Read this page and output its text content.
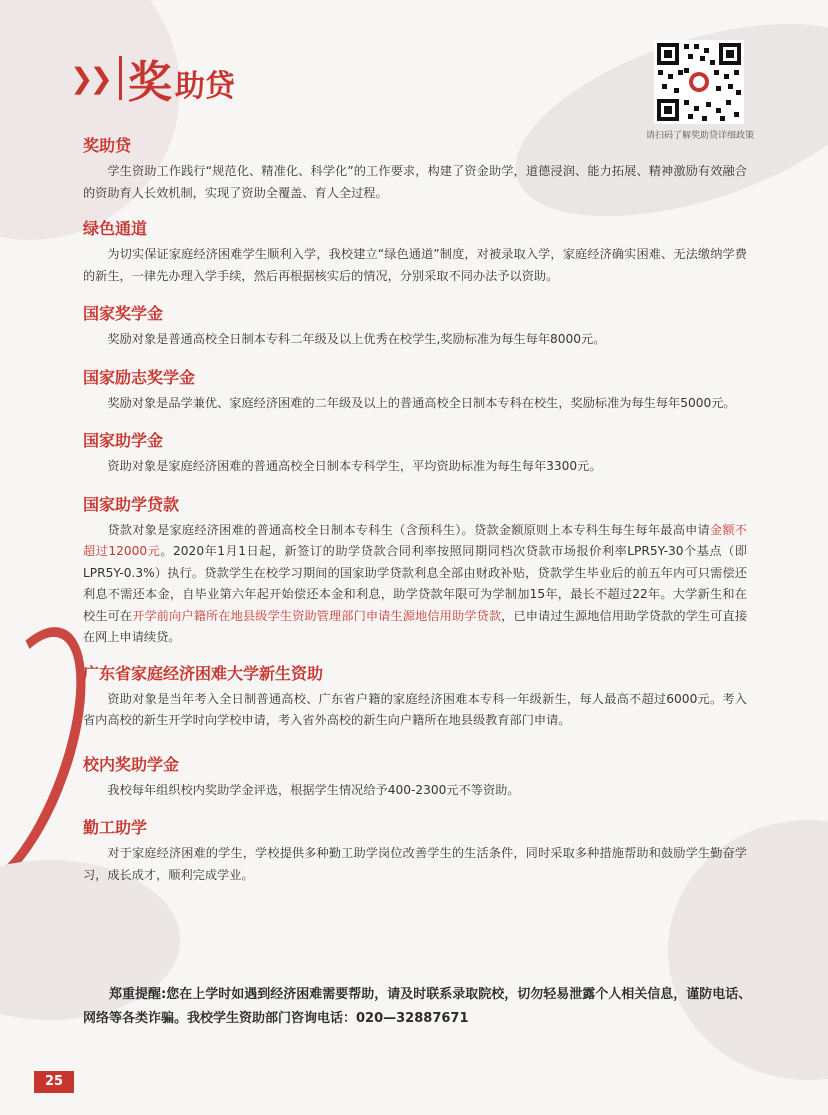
❯❯ 奖 助贷
请扫码了解奖助贷详细政策
奖助贷

学生资助工作践行“规范化、精准化、科学化”的工作要求，构建了资金助学，道德浸润、能力拓展、精神激励有效融合的资助育人长效机制，实现了资助全覆盖、育人全过程。

绿色通道

为切实保证家庭经济困难学生顺利入学，我校建立“绿色通道”制度，对被录取入学，家庭经济确实困难、无法缴纳学费的新生，一律先办理入学手续，然后再根据核实后的情况，分别采取不同办法予以资助。

国家奖学金

奖励对象是普通高校全日制本专科二年级及以上优秀在校学生,奖励标准为每生每年8000元。

国家励志奖学金

奖励对象是品学兼优、家庭经济困难的二年级及以上的普通高校全日制本专科在校生，奖励标准为每生每年5000元。

国家助学金

资助对象是家庭经济困难的普通高校全日制本专科学生，平均资助标准为每生每年3300元。

国家助学贷款

贷款对象是家庭经济困难的普通高校全日制本专科生（含预科生）。贷款金额原则上本专科生每生每年最高申请金额不超过12000元。2020年1月1日起，新签订的助学贷款合同利率按照同期同档次贷款市场报价利率LPR5Y-30个基点（即LPR5Y-0.3%）执行。贷款学生在校学习期间的国家助学贷款利息全部由财政补贴，贷款学生毕业后的前五年内可只需偿还利息不需还本金，自毕业第六年起开始偿还本金和利息，助学贷款年限可为学制加15年，最长不超过22年。大学新生和在校生可在开学前向户籍所在地县级学生资助管理部门申请生源地信用助学贷款，已申请过生源地信用助学贷款的学生可直接在网上申请续贷。

广东省家庭经济困难大学新生资助

资助对象是当年考入全日制普通高校、广东省户籍的家庭经济困难本专科一年级新生，每人最高不超过6000元。考入省内高校的新生开学时向学校申请，考入省外高校的新生向户籍所在地县级教育部门申请。

校内奖助学金

我校每年组织校内奖助学金评选，根据学生情况给予400-2300元不等资助。

勤工助学

对于家庭经济困难的学生，学校提供多种勤工助学岗位改善学生的生活条件，同时采取多种措施帮助和鼓励学生勤奋学习，成长成才，顺利完成学业。

郑重提醒:您在上学时如遇到经济困难需要帮助，请及时联系录取院校，切勿轻易泄露个人相关信息，谨防电话、网络等各类诈骗。我校学生资助部门咨询电话：020—32887671
25
